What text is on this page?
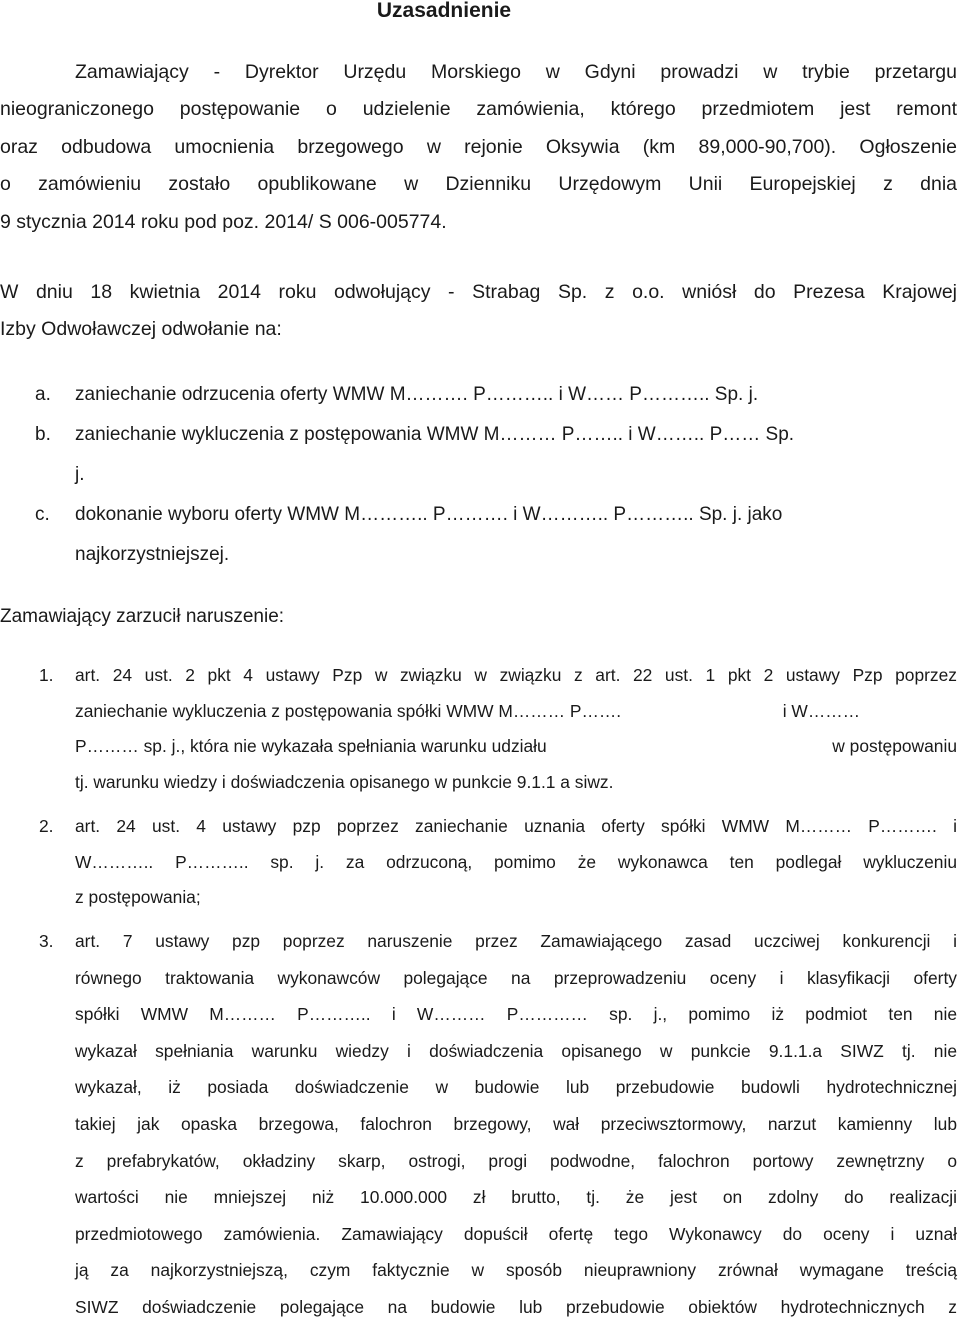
Uzasadnienie
Zamawiający - Dyrektor Urzędu Morskiego w Gdyni prowadzi w trybie przetargu
nieograniczonego postępowanie o udzielenie zamówienia, którego przedmiotem jest remont
oraz odbudowa umocnienia brzegowego w rejonie Oksywia (km 89,000-90,700). Ogłoszenie
o zamówieniu zostało opublikowane w Dzienniku Urzędowym Unii Europejskiej z dnia
9 stycznia 2014 roku pod poz. 2014/ S 006-005774.
W dniu 18 kwietnia 2014 roku odwołujący - Strabag Sp. z o.o. wniósł do Prezesa Krajowej
Izby Odwoławczej odwołanie na:
a. zaniechanie odrzucenia oferty WMW M………. P……….. i W…… P……….. Sp. j.
b. zaniechanie wykluczenia z postępowania WMW M……… P…….. i W…….. P…… Sp.
j.
c. dokonanie wyboru oferty WMW M……….. P………. i W……….. P……….. Sp. j. jako
najkorzystniejszej.
Zamawiający zarzucił naruszenie:
1. art. 24 ust. 2 pkt 4 ustawy Pzp w związku w związku z art. 22 ust. 1 pkt 2 ustawy Pzp poprzez
zaniechanie wykluczenia z postępowania spółki WMW M……… P…….	i W………
P……… sp. j., która nie wykazała spełniania warunku udziału	w postępowaniu
tj. warunku wiedzy i doświadczenia opisanego w punkcie 9.1.1 a siwz.
2. art. 24 ust. 4 ustawy pzp poprzez zaniechanie uznania oferty spółki WMW M……… P………. i
W……….. P……….. sp. j. za odrzuconą, pomimo że wykonawca ten podlegał wykluczeniu
z postępowania;
3. art. 7 ustawy pzp poprzez naruszenie przez Zamawiającego zasad uczciwej konkurencji i
równego traktowania wykonawców polegające na przeprowadzeniu oceny i klasyfikacji oferty
spółki WMW M……… P……….. i W……… P………… sp. j., pomimo iż podmiot ten nie
wykazał spełniania warunku wiedzy i doświadczenia opisanego w punkcie 9.1.1.a SIWZ tj. nie
wykazał, iż posiada doświadczenie w budowie lub przebudowie budowli hydrotechnicznej
takiej jak opaska brzegowa, falochron brzegowy, wał przeciwsztormowy, narzut kamienny lub
z prefabrykatów, okładziny skarp, ostrogi, progi podwodne, falochron portowy zewnętrzny o
wartości nie mniejszej niż 10.000.000 zł brutto, tj. że jest on zdolny do realizacji
przedmiotowego zamówienia. Zamawiający dopuścił ofertę tego Wykonawcy do oceny i uznał
ją za najkorzystniejszą, czym faktycznie w sposób nieuprawniony zrównał wymagane treścią
SIWZ doświadczenie polegające na budowie lub przebudowie obiektów hydrotechnicznych z
